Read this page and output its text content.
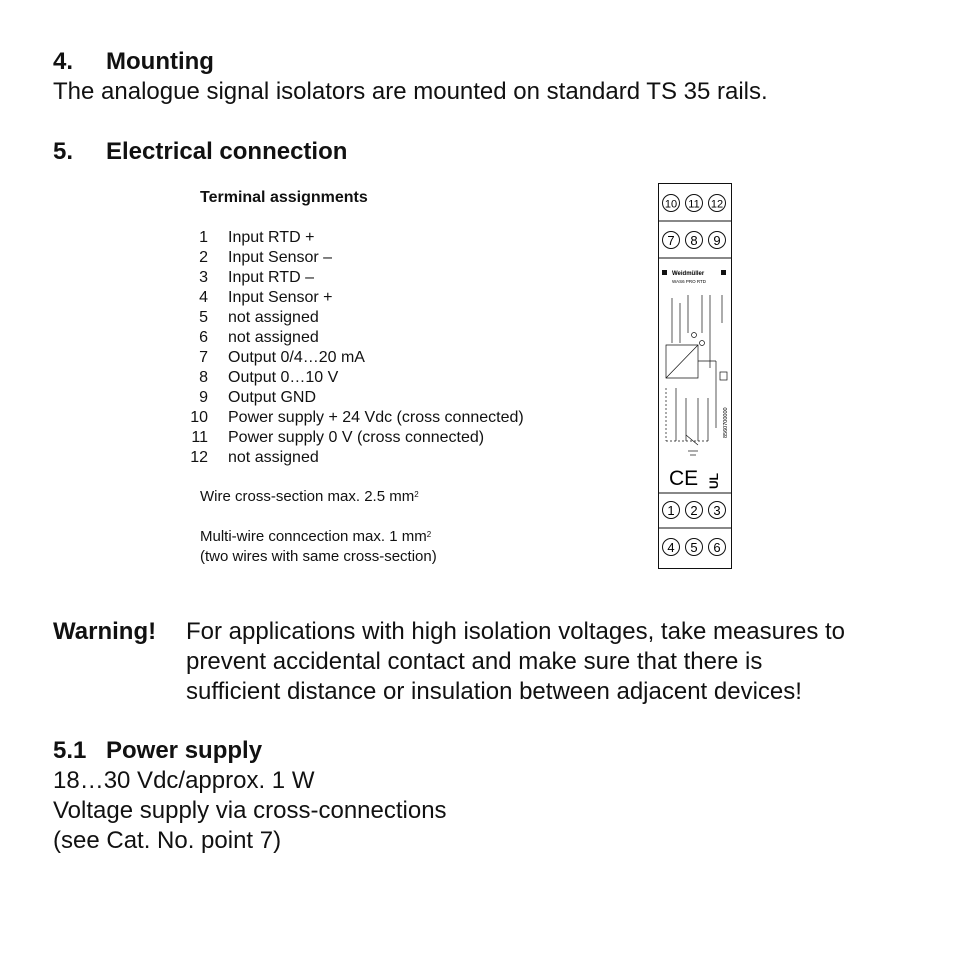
4. Mounting
The analogue signal isolators are mounted on standard TS 35 rails.
5. Electrical connection
Terminal assignments
1 Input RTD +
2 Input Sensor –
3 Input RTD –
4 Input Sensor +
5 not assigned
6 not assigned
7 Output 0/4…20 mA
8 Output 0…10 V
9 Output GND
10 Power supply + 24 Vdc (cross connected)
11 Power supply 0 V (cross connected)
12 not assigned
Wire cross-section max. 2.5 $mm^2$
Multi-wire conncection max. 1 $mm^2$
(two wires with same cross-section)
10 11 12
7 8 9
Weidmüller
WAS6 PRO RTD
8560700000
CE UL
1 2 3
4 5 6
Warning! For applications with high isolation voltages, take measures to
prevent accidental contact and make sure that there is
sufficient distance or insulation between adjacent devices!
5.1 Power supply
18…30 Vdc/approx. 1 W
Voltage supply via cross-connections
(see Cat. No. point 7)
